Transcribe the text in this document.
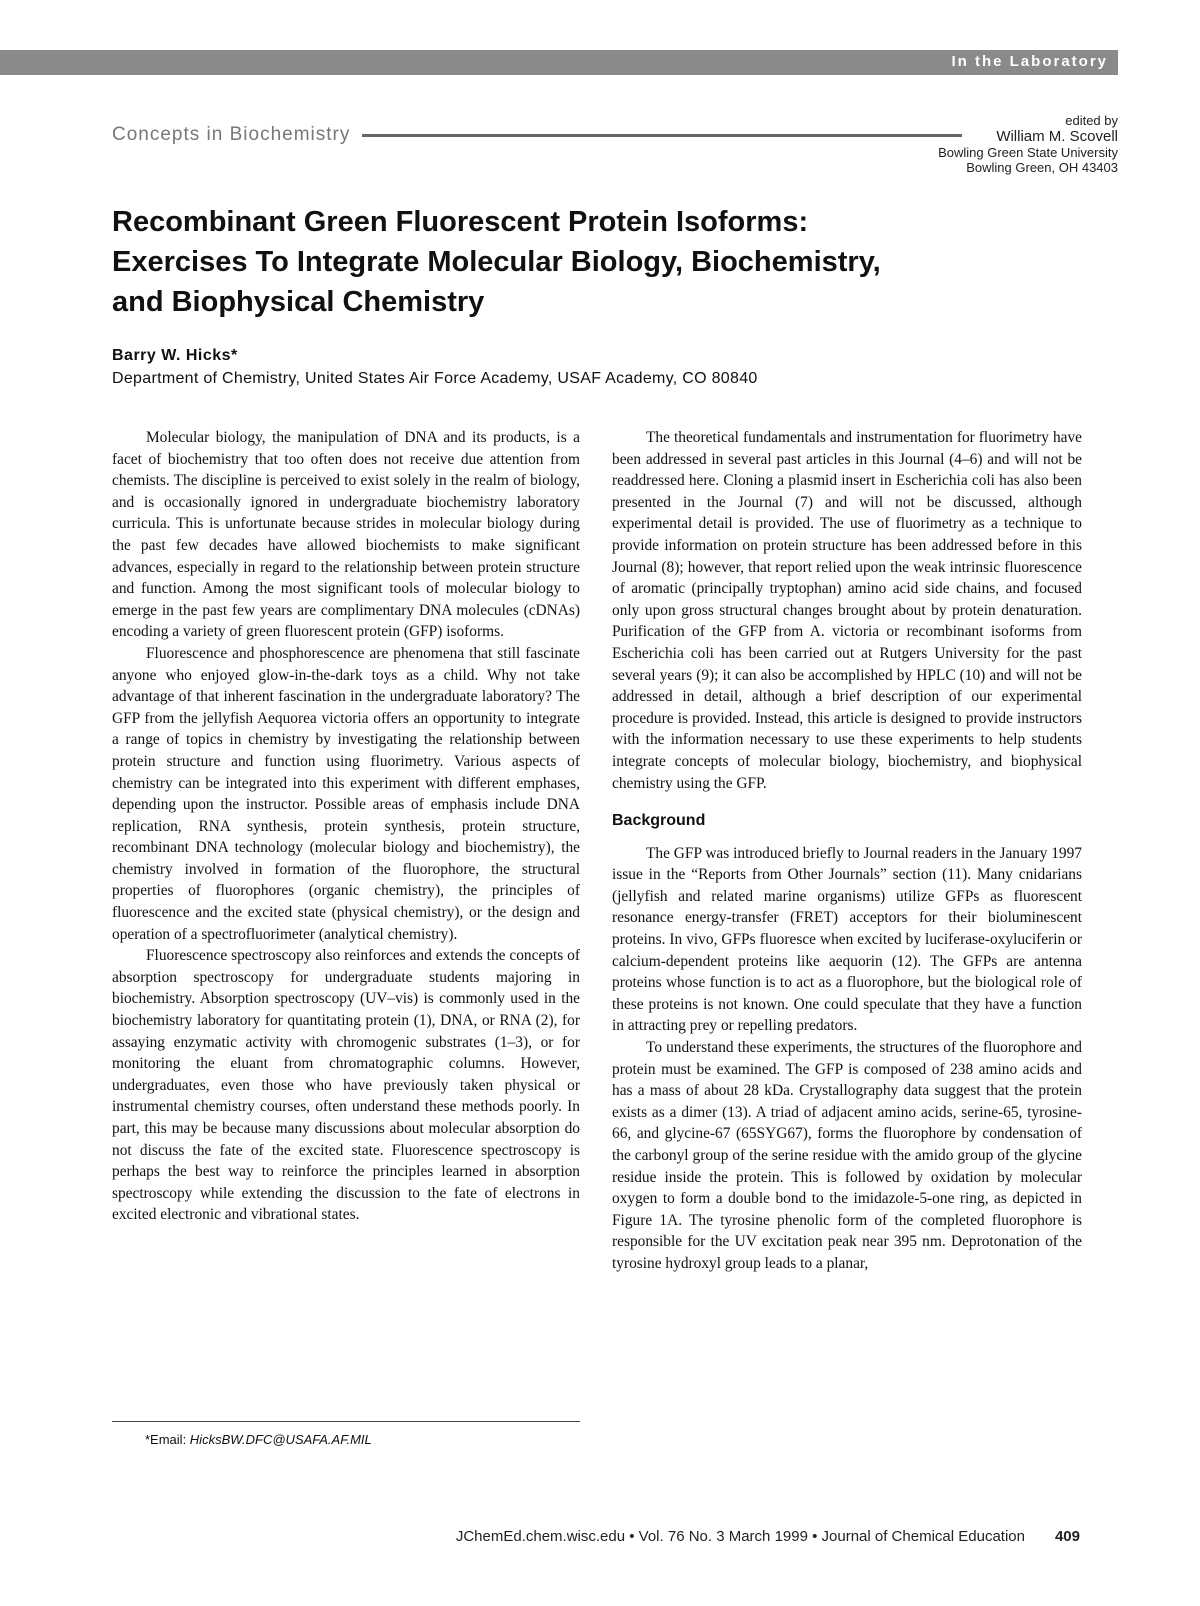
In the Laboratory
Concepts in Biochemistry
edited by
William M. Scovell
Bowling Green State University
Bowling Green, OH 43403
Recombinant Green Fluorescent Protein Isoforms:
Exercises To Integrate Molecular Biology, Biochemistry,
and Biophysical Chemistry
Barry W. Hicks*
Department of Chemistry, United States Air Force Academy, USAF Academy, CO 80840

Molecular biology, the manipulation of DNA and its products, is a facet of biochemistry that too often does not receive due attention from chemists. The discipline is perceived to exist solely in the realm of biology, and is occasionally ignored in undergraduate biochemistry laboratory curricula. This is unfortunate because strides in molecular biology during the past few decades have allowed biochemists to make significant advances, especially in regard to the relationship between protein structure and function. Among the most significant tools of molecular biology to emerge in the past few years are complimentary DNA molecules (cDNAs) encoding a variety of green fluorescent protein (GFP) isoforms.

Fluorescence and phosphorescence are phenomena that still fascinate anyone who enjoyed glow-in-the-dark toys as a child. Why not take advantage of that inherent fascination in the undergraduate laboratory? The GFP from the jellyfish Aequorea victoria offers an opportunity to integrate a range of topics in chemistry by investigating the relationship between protein structure and function using fluorimetry. Various aspects of chemistry can be integrated into this experiment with different emphases, depending upon the instructor. Possible areas of emphasis include DNA replication, RNA synthesis, protein synthesis, protein structure, recombinant DNA technology (molecular biology and biochemistry), the chemistry involved in formation of the fluorophore, the structural properties of fluorophores (organic chemistry), the principles of fluorescence and the excited state (physical chemistry), or the design and operation of a spectrofluorimeter (analytical chemistry).

Fluorescence spectroscopy also reinforces and extends the concepts of absorption spectroscopy for undergraduate students majoring in biochemistry. Absorption spectroscopy (UV–vis) is commonly used in the biochemistry laboratory for quantitating protein (1), DNA, or RNA (2), for assaying enzymatic activity with chromogenic substrates (1–3), or for monitoring the eluant from chromatographic columns. However, undergraduates, even those who have previously taken physical or instrumental chemistry courses, often understand these methods poorly. In part, this may be because many discussions about molecular absorption do not discuss the fate of the excited state. Fluorescence spectroscopy is perhaps the best way to reinforce the principles learned in absorption spectroscopy while extending the discussion to the fate of electrons in excited electronic and vibrational states.

The theoretical fundamentals and instrumentation for fluorimetry have been addressed in several past articles in this Journal (4–6) and will not be readdressed here. Cloning a plasmid insert in Escherichia coli has also been presented in the Journal (7) and will not be discussed, although experimental detail is provided. The use of fluorimetry as a technique to provide information on protein structure has been addressed before in this Journal (8); however, that report relied upon the weak intrinsic fluorescence of aromatic (principally tryptophan) amino acid side chains, and focused only upon gross structural changes brought about by protein denaturation. Purification of the GFP from A. victoria or recombinant isoforms from Escherichia coli has been carried out at Rutgers University for the past several years (9); it can also be accomplished by HPLC (10) and will not be addressed in detail, although a brief description of our experimental procedure is provided. Instead, this article is designed to provide instructors with the information necessary to use these experiments to help students integrate concepts of molecular biology, biochemistry, and biophysical chemistry using the GFP.

Background

The GFP was introduced briefly to Journal readers in the January 1997 issue in the “Reports from Other Journals” section (11). Many cnidarians (jellyfish and related marine organisms) utilize GFPs as fluorescent resonance energy-transfer (FRET) acceptors for their bioluminescent proteins. In vivo, GFPs fluoresce when excited by luciferase-oxyluciferin or calcium-dependent proteins like aequorin (12). The GFPs are antenna proteins whose function is to act as a fluorophore, but the biological role of these proteins is not known. One could speculate that they have a function in attracting prey or repelling predators.

To understand these experiments, the structures of the fluorophore and protein must be examined. The GFP is composed of 238 amino acids and has a mass of about 28 kDa. Crystallography data suggest that the protein exists as a dimer (13). A triad of adjacent amino acids, serine-65, tyrosine-66, and glycine-67 (65SYG67), forms the fluorophore by condensation of the carbonyl group of the serine residue with the amido group of the glycine residue inside the protein. This is followed by oxidation by molecular oxygen to form a double bond to the imidazole-5-one ring, as depicted in Figure 1A. The tyrosine phenolic form of the completed fluorophore is responsible for the UV excitation peak near 395 nm. Deprotonation of the tyrosine hydroxyl group leads to a planar,

*Email: HicksBW.DFC@USAFA.AF.MIL
JChemEd.chem.wisc.edu • Vol. 76 No. 3 March 1999 • Journal of Chemical Education 409
